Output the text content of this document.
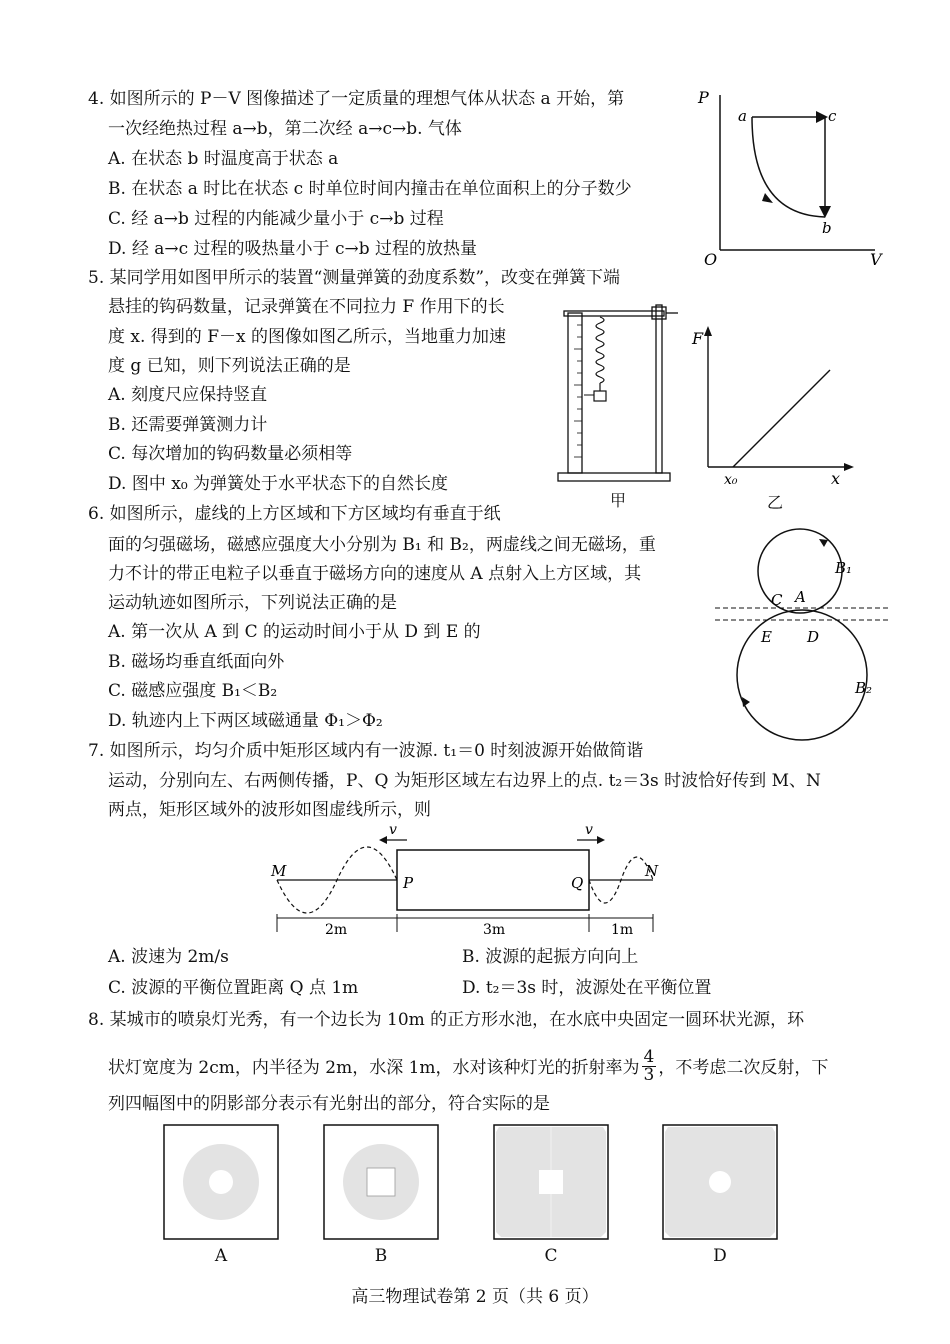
4. 如图所示的 P－V 图像描述了一定质量的理想气体从状态 a 开始，第
一次经绝热过程 a→b，第二次经 a→c→b. 气体
A. 在状态 b 时温度高于状态 a
B. 在状态 a 时比在状态 c 时单位时间内撞击在单位面积上的分子数少
C. 经 a→b 过程的内能减少量小于 c→b 过程
D. 经 a→c 过程的吸热量小于 c→b 过程的放热量
P
V
O
a	c
b
5. 某同学用如图甲所示的装置“测量弹簧的劲度系数”，改变在弹簧下端
悬挂的钩码数量，记录弹簧在不同拉力 F 作用下的长
度 x. 得到的 F－x 的图像如图乙所示，当地重力加速
度 g 已知，则下列说法正确的是
A. 刻度尺应保持竖直
B. 还需要弹簧测力计
C. 每次增加的钩码数量必须相等
D. 图中 x₀ 为弹簧处于水平状态下的自然长度
甲
F
x
x₀
乙
6. 如图所示，虚线的上方区域和下方区域均有垂直于纸
面的匀强磁场，磁感应强度大小分别为 B₁ 和 B₂，两虚线之间无磁场，重
力不计的带正电粒子以垂直于磁场方向的速度从 A 点射入上方区域，其
运动轨迹如图所示，下列说法正确的是
A. 第一次从 A 到 C 的运动时间小于从 D 到 E 的
B. 磁场均垂直纸面向外
C. 磁感应强度 B₁＜B₂
D. 轨迹内上下两区域磁通量 Φ₁＞Φ₂
B₁
B₂
C A
E D
7. 如图所示，均匀介质中矩形区域内有一波源. t₁＝0 时刻波源开始做简谐
运动，分别向左、右两侧传播，P、Q 为矩形区域左右边界上的点. t₂＝3s 时波恰好传到 M、N
两点，矩形区域外的波形如图虚线所示，则
v	v
M	N
P	Q
2m	3m	1m
A. 波速为 2m/s	B. 波源的起振方向向上
C. 波源的平衡位置距离 Q 点 1m	D. t₂＝3s 时，波源处在平衡位置
8. 某城市的喷泉灯光秀，有一个边长为 10m 的正方形水池，在水底中央固定一圆环状光源，环
状灯宽度为 2cm，内半径为 2m，水深 1m，水对该种灯光的折射率为 $\frac{4}{3}$ ，不考虑二次反射，下
列四幅图中的阴影部分表示有光射出的部分，符合实际的是
A	B	C	D
高三物理试卷第 2 页（共 6 页）
